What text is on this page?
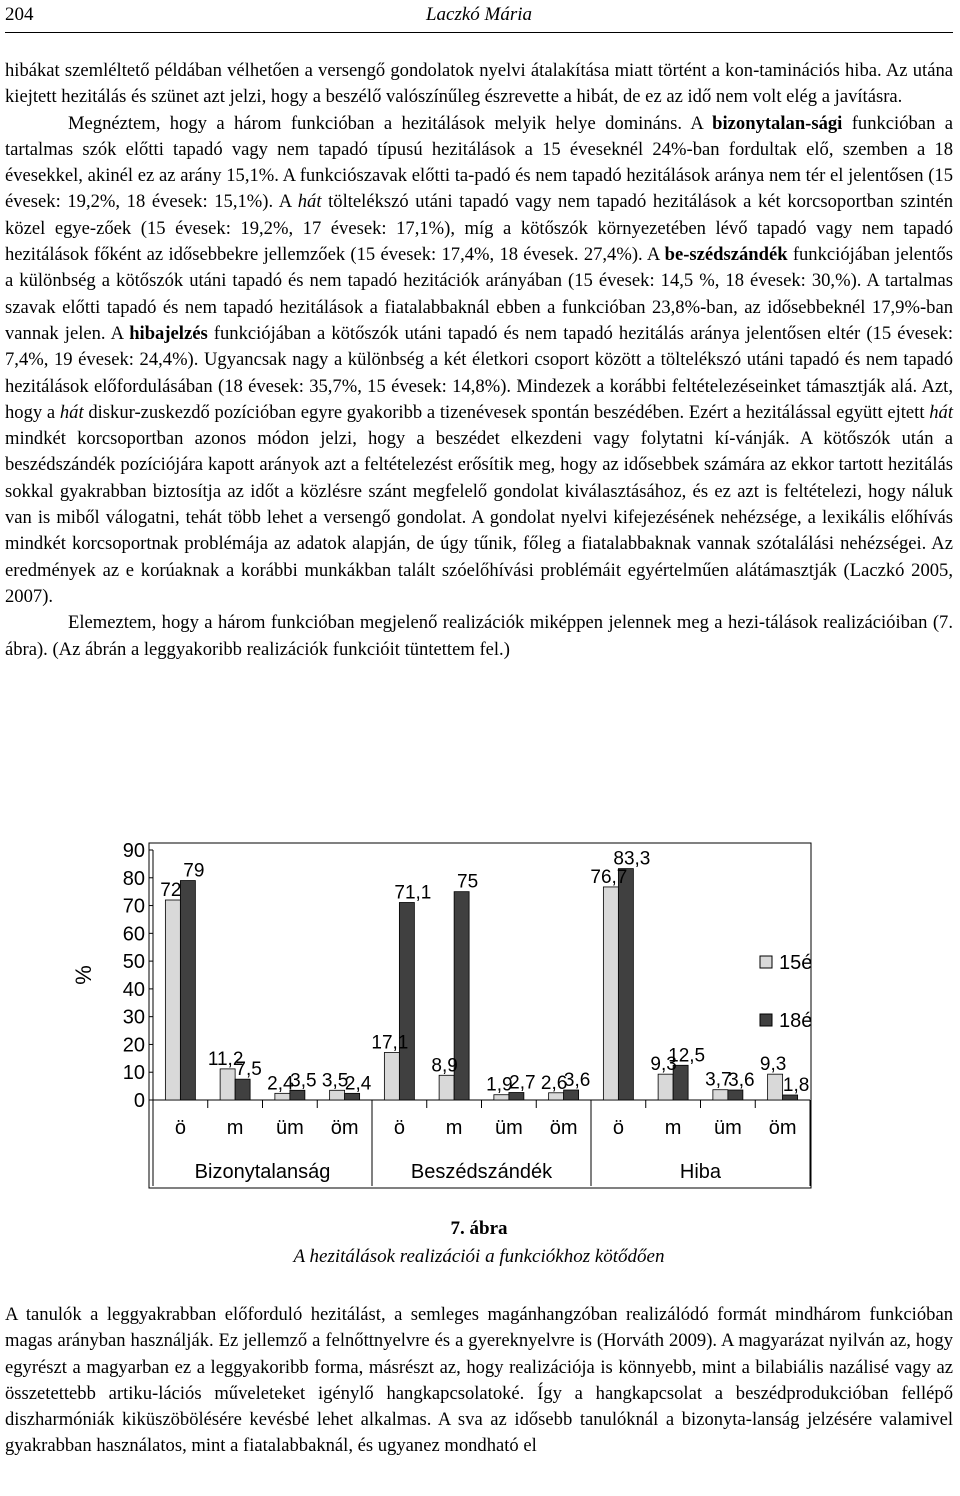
204	Laczkó Mária

hibákat szemléltető példában vélhetően a versengő gondolatok nyelvi átalakítása miatt történt a kon-taminációs hiba. Az utána kiejtett hezitálás és szünet azt jelzi, hogy a beszélő valószínűleg észrevette a hibát, de ez az idő nem volt elég a javításra.

Megnéztem, hogy a három funkcióban a hezitálások melyik helye domináns. A bizonytalan-sági funkcióban a tartalmas szók előtti tapadó vagy nem tapadó típusú hezitálások a 15 éveseknél 24%-ban fordultak elő, szemben a 18 évesekkel, akinél ez az arány 15,1%. A funkciószavak előtti ta-padó és nem tapadó hezitálások aránya nem tér el jelentősen (15 évesek: 19,2%, 18 évesek: 15,1%). A hát töltelékszó utáni tapadó vagy nem tapadó hezitálások a két korcsoportban szintén közel egye-zőek (15 évesek: 19,2%, 17 évesek: 17,1%), míg a kötőszók környezetében lévő tapadó vagy nem tapadó hezitálások főként az idősebbekre jellemzőek (15 évesek: 17,4%, 18 évesek. 27,4%). A be-szédszándék funkciójában jelentős a különbség a kötőszók utáni tapadó és nem tapadó hezitációk arányában (15 évesek: 14,5 %, 18 évesek: 30,%). A tartalmas szavak előtti tapadó és nem tapadó hezitálások a fiatalabbaknál ebben a funkcióban 23,8%-ban, az idősebbeknél 17,9%-ban vannak jelen. A hibajelzés funkciójában a kötőszók utáni tapadó és nem tapadó hezitálás aránya jelentősen eltér (15 évesek: 7,4%, 19 évesek: 24,4%). Ugyancsak nagy a különbség a két életkori csoport között a töltelékszó utáni tapadó és nem tapadó hezitálások előfordulásában (18 évesek: 35,7%, 15 évesek: 14,8%). Mindezek a korábbi feltételezéseinket támasztják alá. Azt, hogy a hát diskur-zuskezdő pozícióban egyre gyakoribb a tizenévesek spontán beszédében. Ezért a hezitálással együtt ejtett hát mindkét korcsoportban azonos módon jelzi, hogy a beszédet elkezdeni vagy folytatni kí-vánják. A kötőszók után a beszédszándék pozíciójára kapott arányok azt a feltételezést erősítik meg, hogy az idősebbek számára az ekkor tartott hezitálás sokkal gyakrabban biztosítja az időt a közlésre szánt megfelelő gondolat kiválasztásához, és ez azt is feltételezi, hogy náluk van is miből válogatni, tehát több lehet a versengő gondolat. A gondolat nyelvi kifejezésének nehézsége, a lexikális előhívás mindkét korcsoportnak problémája az adatok alapján, de úgy tűnik, főleg a fiatalabbaknak vannak szótalálási nehézségei. Az eredmények az e korúaknak a korábbi munkákban talált szóelőhívási problémáit egyértelműen alátámasztják (Laczkó 2005, 2007).

Elemeztem, hogy a három funkcióban megjelenő realizációk miképpen jelennek meg a hezi-tálások realizációiban (7. ábra). (Az ábrán a leggyakoribb realizációk funkcióit tüntettem fel.)

0
10
20
30
40
50
60
70
80
90
%
72
79
ö
11,2
7,5
m
2,4
3,5
üm
3,5
2,4
öm
17,1
71,1
ö
8,9
75
m
1,9
2,7
üm
2,6
3,6
öm
76,7
83,3
ö
9,3
12,5
m
3,7
3,6
üm
9,3
1,8
öm
Bizonytalanság	Beszédszándék	Hiba
15é
18é
7. ábra
A hezitálások realizációi a funkciókhoz kötődően

A tanulók a leggyakrabban előforduló hezitálást, a semleges magánhangzóban realizálódó formát mindhárom funkcióban magas arányban használják. Ez jellemző a felnőttnyelvre és a gyereknyelvre is (Horváth 2009). A magyarázat nyilván az, hogy egyrészt a magyarban ez a leggyakoribb forma, másrészt az, hogy realizációja is könnyebb, mint a bilabiális nazálisé vagy az összetettebb artiku-lációs műveleteket igénylő hangkapcsolatoké. Így a hangkapcsolat a beszédprodukcióban fellépő diszharmóniák kiküszöbölésére kevésbé lehet alkalmas. A sva az idősebb tanulóknál a bizonyta-lanság jelzésére valamivel gyakrabban használatos, mint a fiatalabbaknál, és ugyanez mondható el
